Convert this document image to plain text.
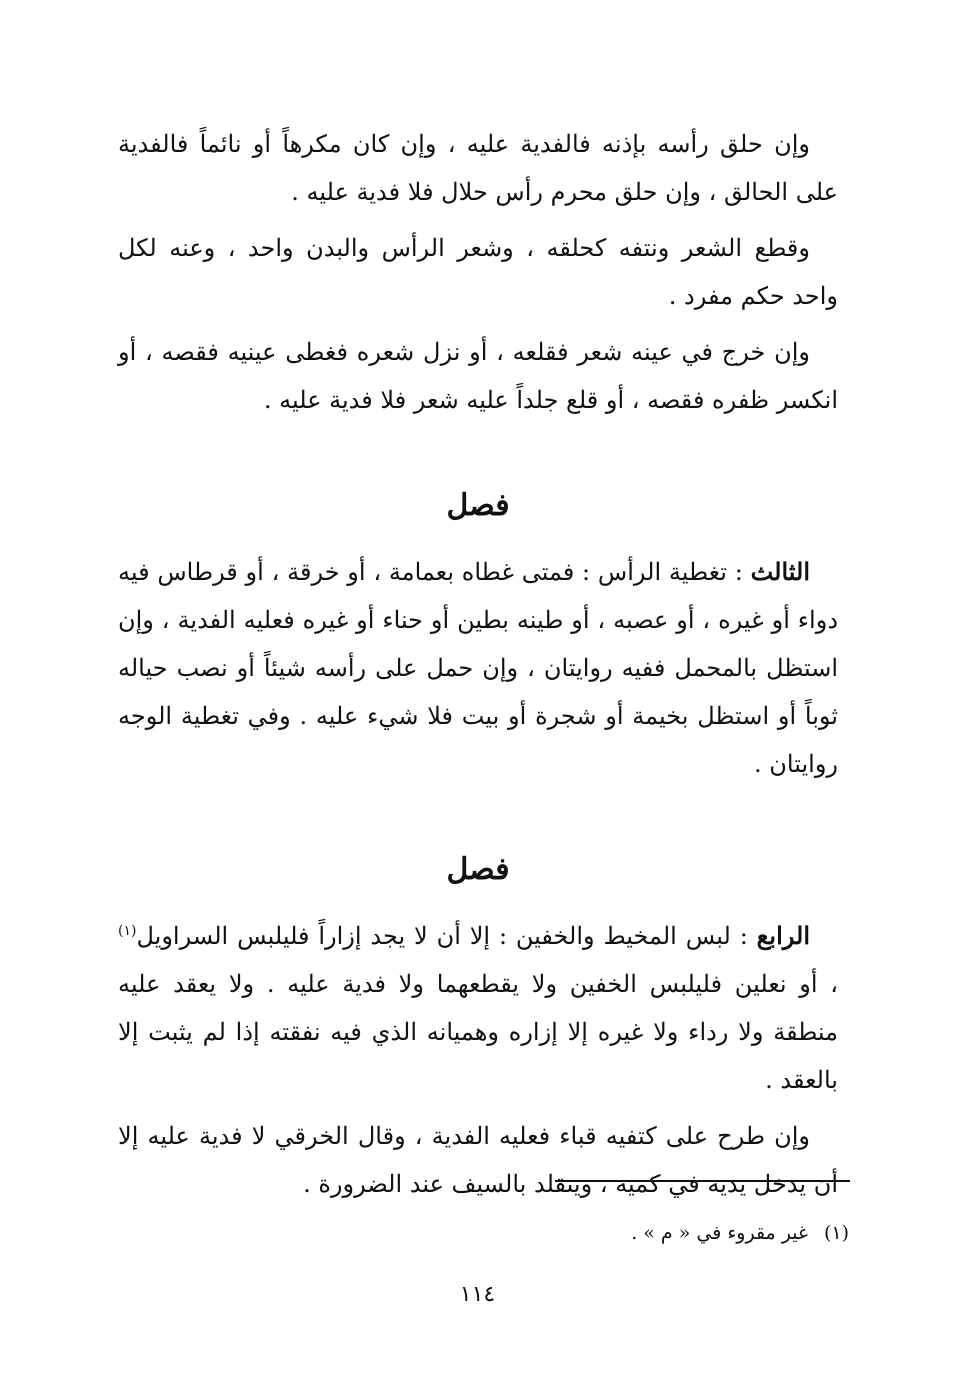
وإن حلق رأسه بإذنه فالفدية عليه ، وإن كان مكرهاً أو نائماً فالفدية على الحالق ، وإن حلق محرم رأس حلال فلا فدية عليه .

وقطع الشعر ونتفه كحلقه ، وشعر الرأس والبدن واحد ، وعنه لكل واحد حكم مفرد .

وإن خرج في عينه شعر فقلعه ، أو نزل شعره فغطى عينيه فقصه ، أو انكسر ظفره فقصه ، أو قلع جلداً عليه شعر فلا فدية عليه .

فصل

الثالث : تغطية الرأس : فمتى غطاه بعمامة ، أو خرقة ، أو قرطاس فيه دواء أو غيره ، أو عصبه ، أو طينه بطين أو حناء أو غيره فعليه الفدية ، وإن استظل بالمحمل ففيه روايتان ، وإن حمل على رأسه شيئاً أو نصب حياله ثوباً أو استظل بخيمة أو شجرة أو بيت فلا شيء عليه . وفي تغطية الوجه روايتان .

فصل

الرابع : لبس المخيط والخفين : إلا أن لا يجد إزاراً فليلبس السراويل$^{(١)}$ ، أو نعلين فليلبس الخفين ولا يقطعهما ولا فدية عليه . ولا يعقد عليه منطقة ولا رداء ولا غيره إلا إزاره وهميانه الذي فيه نفقته إذا لم يثبت إلا بالعقد .

وإن طرح على كتفيه قباء فعليه الفدية ، وقال الخرقي لا فدية عليه إلا أن يدخل يديه في كميه ، ويتقلد بالسيف عند الضرورة .

(١)غير مقروء في « م » .
١١٤
